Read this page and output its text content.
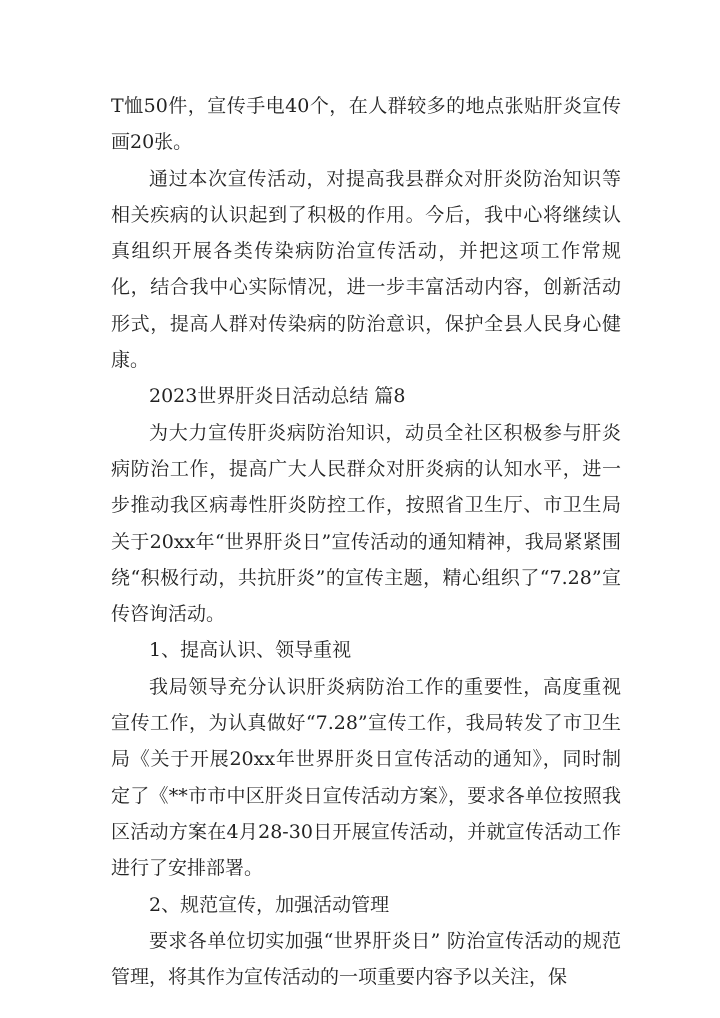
T恤50件，宣传手电40个，在人群较多的地点张贴肝炎宣传画20张。

通过本次宣传活动，对提高我县群众对肝炎防治知识等相关疾病的认识起到了积极的作用。今后，我中心将继续认真组织开展各类传染病防治宣传活动，并把这项工作常规化，结合我中心实际情况，进一步丰富活动内容，创新活动形式，提高人群对传染病的防治意识，保护全县人民身心健康。

2023世界肝炎日活动总结 篇8

为大力宣传肝炎病防治知识，动员全社区积极参与肝炎病防治工作，提高广大人民群众对肝炎病的认知水平，进一步推动我区病毒性肝炎防控工作，按照省卫生厅、市卫生局关于20xx年“世界肝炎日”宣传活动的通知精神，我局紧紧围绕“积极行动，共抗肝炎”的宣传主题，精心组织了“7.28”宣传咨询活动。

1、提高认识、领导重视

我局领导充分认识肝炎病防治工作的重要性，高度重视宣传工作，为认真做好“7.28”宣传工作，我局转发了市卫生局《关于开展20xx年世界肝炎日宣传活动的通知》，同时制定了《**市市中区肝炎日宣传活动方案》，要求各单位按照我区活动方案在4月28-30日开展宣传活动，并就宣传活动工作进行了安排部署。

2、规范宣传，加强活动管理

要求各单位切实加强“世界肝炎日” 防治宣传活动的规范管理，将其作为宣传活动的一项重要内容予以关注，保
